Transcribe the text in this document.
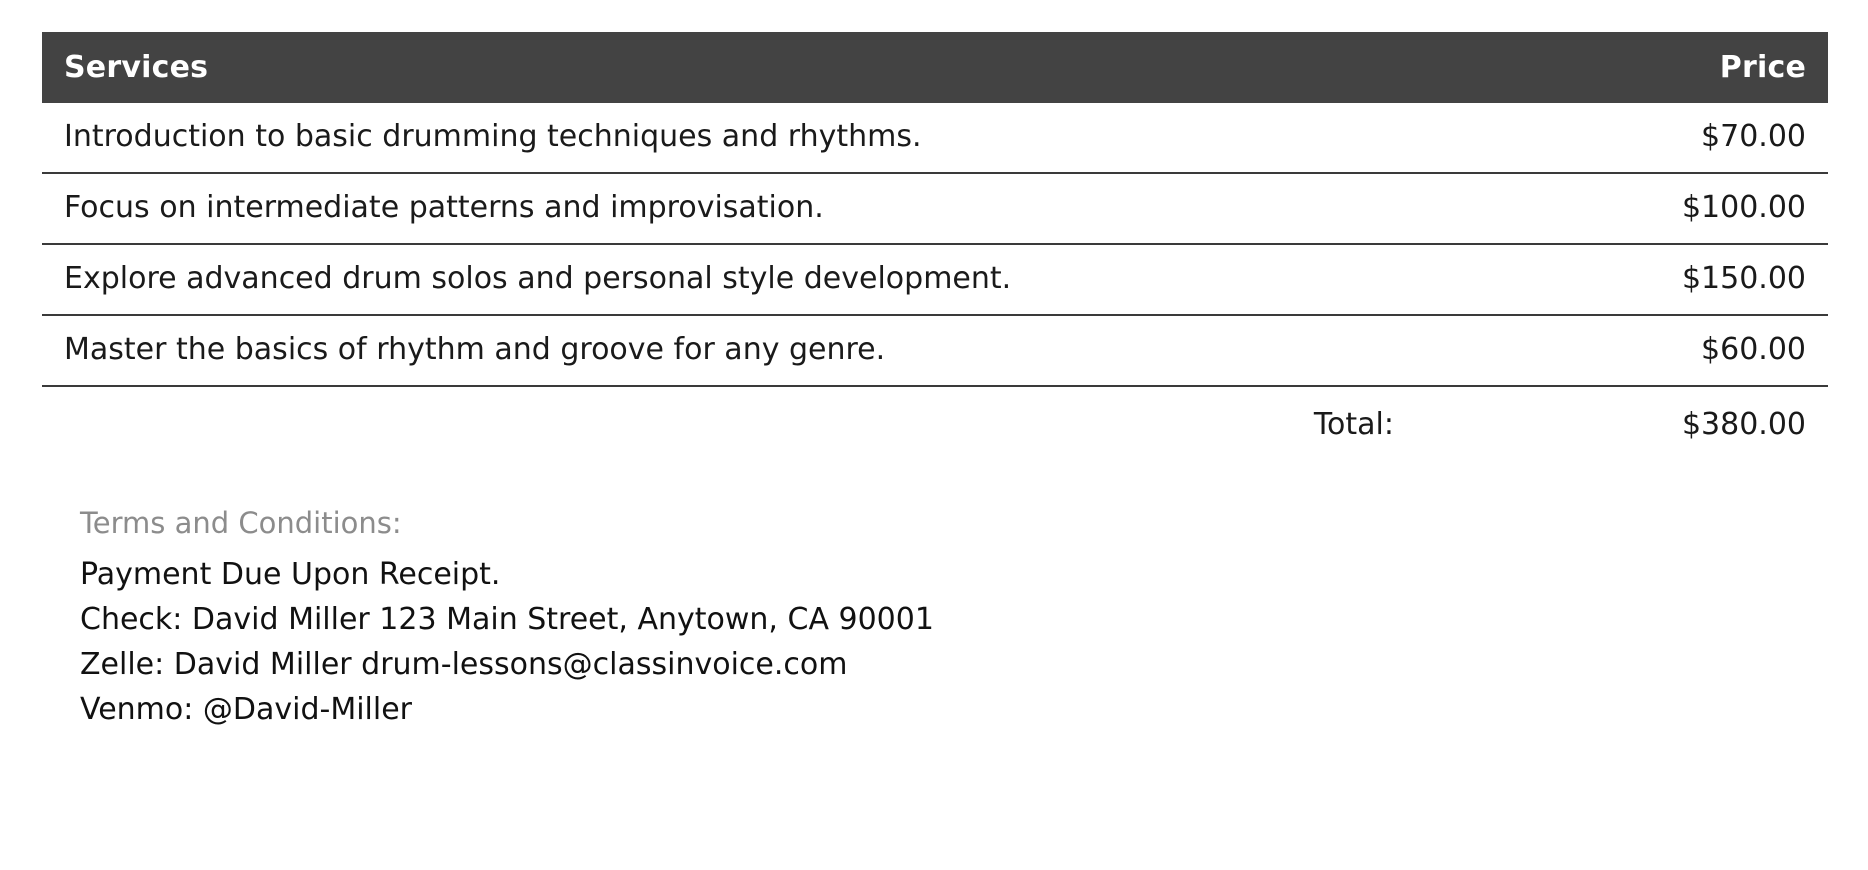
Services	Price
Introduction to basic drumming techniques and rhythms.	$70.00
Focus on intermediate patterns and improvisation.	$100.00
Explore advanced drum solos and personal style development.	$150.00
Master the basics of rhythm and groove for any genre.	$60.00
Total:	$380.00
Terms and Conditions:
Payment Due Upon Receipt.
Check: David Miller 123 Main Street, Anytown, CA 90001
Zelle: David Miller drum-lessons@classinvoice.com
Venmo: @David-Miller
